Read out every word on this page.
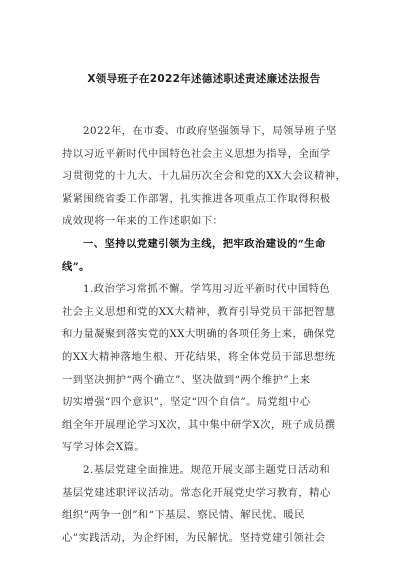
X领导班子在2022年述德述职述责述廉述法报告

2022年，在市委、市政府坚强领导下，局领导班子坚

持以习近平新时代中国特色社会主义思想为指导，全面学

习贯彻党的十九大、十九届历次全会和党的XX大会议精神，

紧紧围绕省委工作部署，扎实推进各项重点工作取得积极

成效现将一年来的工作述职如下：

一、坚持以党建引领为主线，把牢政治建设的“生命

线”。

1.政治学习常抓不懈。学笃用习近平新时代中国特色

社会主义思想和党的XX大精神，教育引导党员干部把智慧

和力量凝聚到落实党的XX大明确的各项任务上来，确保党

的XX大精神落地生根、开花结果，将全体党员干部思想统

一到坚决拥护“两个确立”、坚决做到“两个维护”上来

切实增强“四个意识”，坚定“四个自信”。局党组中心

组全年开展理论学习X次，其中集中研学X次，班子成员撰

写学习体会X篇。

2.基层党建全面推进。规范开展支部主题党日活动和

基层党建述职评议活动。常态化开展党史学习教育，精心

组织“两争一创”和“下基层、察民情、解民忧、暖民

心”实践活动，为企纾困，为民解忧。坚持党建引领社会
